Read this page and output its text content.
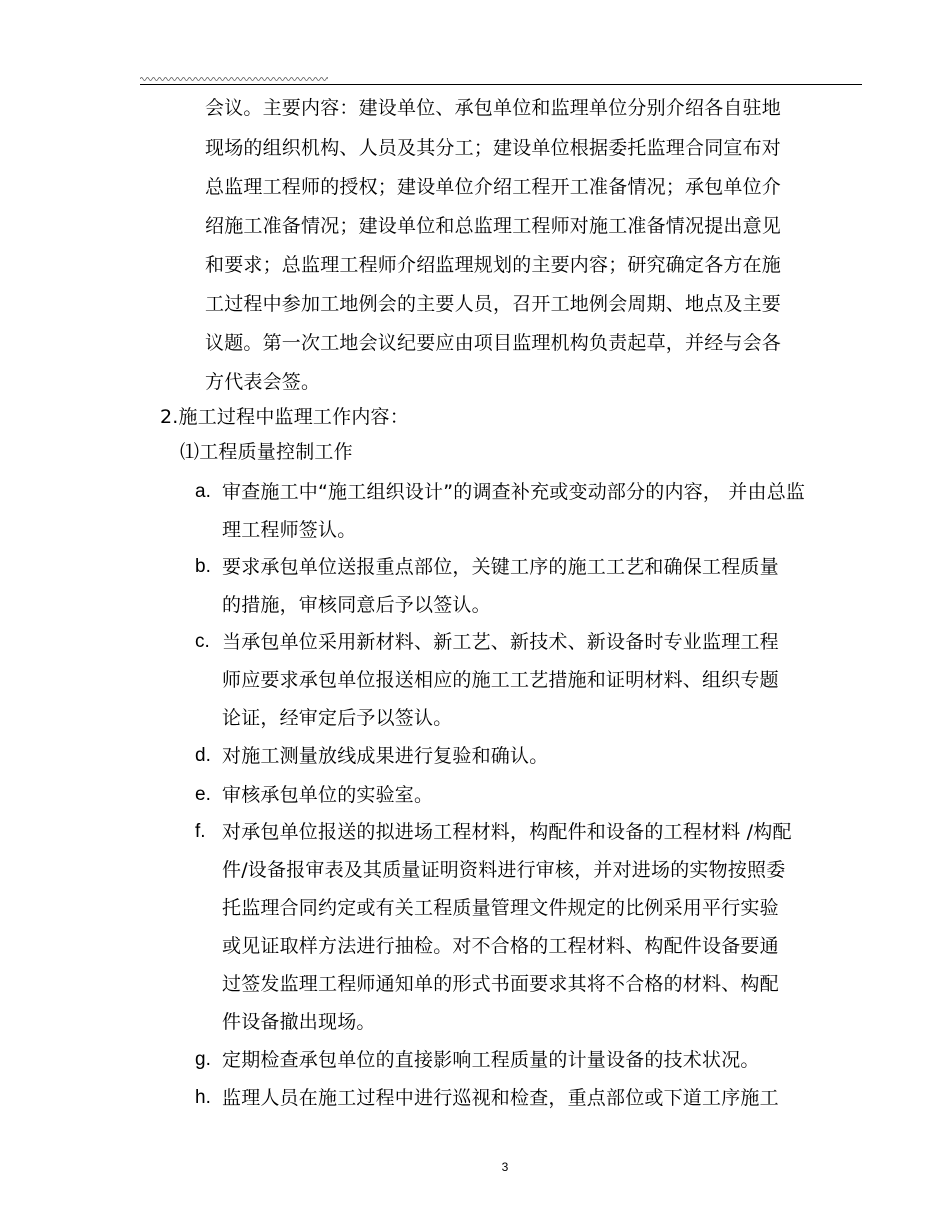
会议。主要内容：建设单位、承包单位和监理单位分别介绍各自驻地
现场的组织机构、人员及其分工；建设单位根据委托监理合同宣布对
总监理工程师的授权；建设单位介绍工程开工准备情况；承包单位介
绍施工准备情况；建设单位和总监理工程师对施工准备情况提出意见
和要求；总监理工程师介绍监理规划的主要内容；研究确定各方在施
工过程中参加工地例会的主要人员，召开工地例会周期、地点及主要
议题。第一次工地会议纪要应由项目监理机构负责起草，并经与会各
方代表会签。
2.施工过程中监理工作内容：
⑴工程质量控制工作
a. 审查施工中“施工组织设计”的调查补充或变动部分的内容， 并由总监
理工程师签认。
b. 要求承包单位送报重点部位，关键工序的施工工艺和确保工程质量
的措施，审核同意后予以签认。
c. 当承包单位采用新材料、新工艺、新技术、新设备时专业监理工程
师应要求承包单位报送相应的施工工艺措施和证明材料、组织专题
论证，经审定后予以签认。
d. 对施工测量放线成果进行复验和确认。
e. 审核承包单位的实验室。
f. 对承包单位报送的拟进场工程材料，构配件和设备的工程材料 /构配
件/设备报审表及其质量证明资料进行审核，并对进场的实物按照委
托监理合同约定或有关工程质量管理文件规定的比例采用平行实验
或见证取样方法进行抽检。对不合格的工程材料、构配件设备要通
过签发监理工程师通知单的形式书面要求其将不合格的材料、构配
件设备撤出现场。
g. 定期检查承包单位的直接影响工程质量的计量设备的技术状况。
h. 监理人员在施工过程中进行巡视和检查，重点部位或下道工序施工
3
